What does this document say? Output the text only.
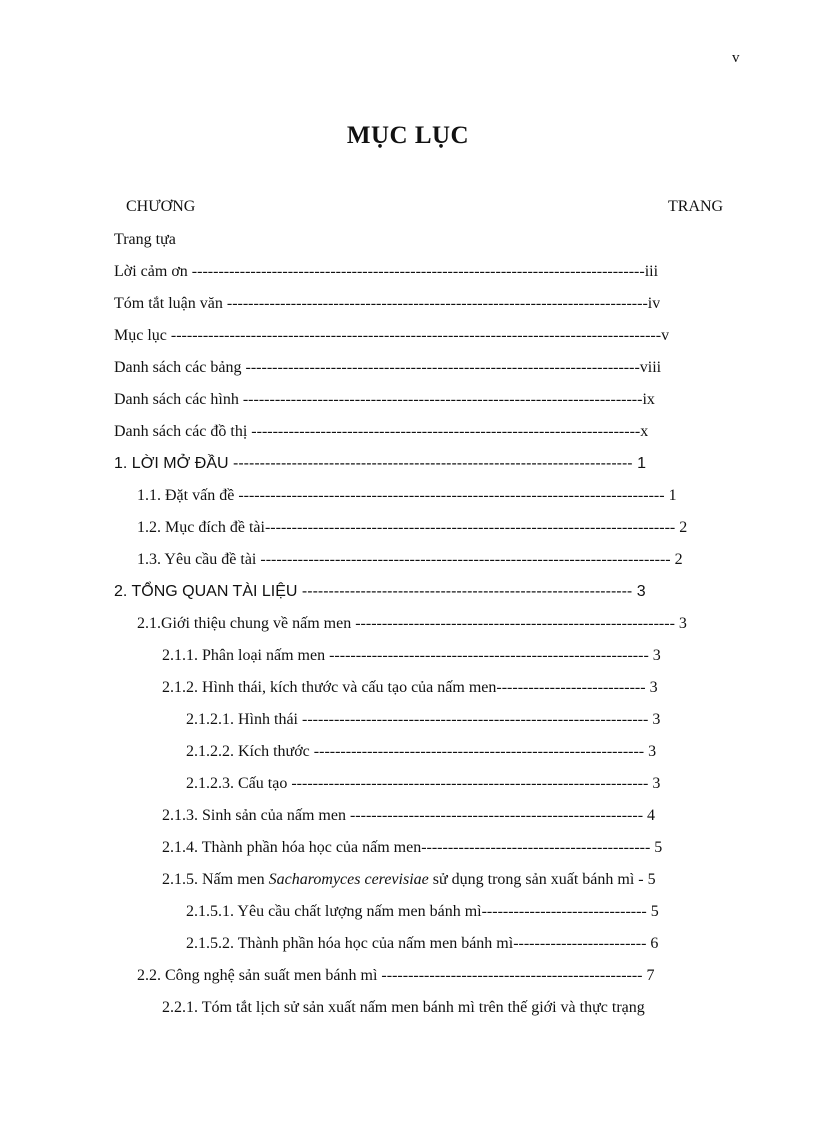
v
MỤC LỤC
CHƯƠNG	TRANG
Trang tựa
Lời cảm ơn -------------------------------------------------------------------------------------iii
Tóm tắt luận văn -------------------------------------------------------------------------------iv
Mục lục --------------------------------------------------------------------------------------------v
Danh sách các bảng --------------------------------------------------------------------------viii
Danh sách các hình ---------------------------------------------------------------------------ix
Danh sách các đồ thị -------------------------------------------------------------------------x
1. LỜI MỞ ĐẦU --------------------------------------------------------------------------- 1
1.1. Đặt vấn đề -------------------------------------------------------------------------------- 1
1.2. Mục đích đề tài----------------------------------------------------------------------------- 2
1.3. Yêu cầu đề tài ----------------------------------------------------------------------------- 2
2. TỔNG QUAN TÀI LIỆU -------------------------------------------------------------- 3
2.1.Giới thiệu chung về nấm men ------------------------------------------------------------ 3
2.1.1. Phân loại nấm men ------------------------------------------------------------ 3
2.1.2. Hình thái, kích thước và cấu tạo của nấm men---------------------------- 3
2.1.2.1. Hình thái ----------------------------------------------------------------- 3
2.1.2.2. Kích thước -------------------------------------------------------------- 3
2.1.2.3. Cấu tạo ------------------------------------------------------------------- 3
2.1.3. Sinh sản của nấm men ------------------------------------------------------- 4
2.1.4. Thành phần hóa học của nấm men------------------------------------------- 5
2.1.5. Nấm men Sacharomyces cerevisiae sử dụng trong sản xuất bánh mì - 5
2.1.5.1. Yêu cầu chất lượng nấm men bánh mì------------------------------- 5
2.1.5.2. Thành phần hóa học của nấm men bánh mì------------------------- 6
2.2. Công nghệ sản suất men bánh mì ------------------------------------------------- 7
2.2.1. Tóm tắt lịch sử sản xuất nấm men bánh mì trên thế giới và thực trạng
